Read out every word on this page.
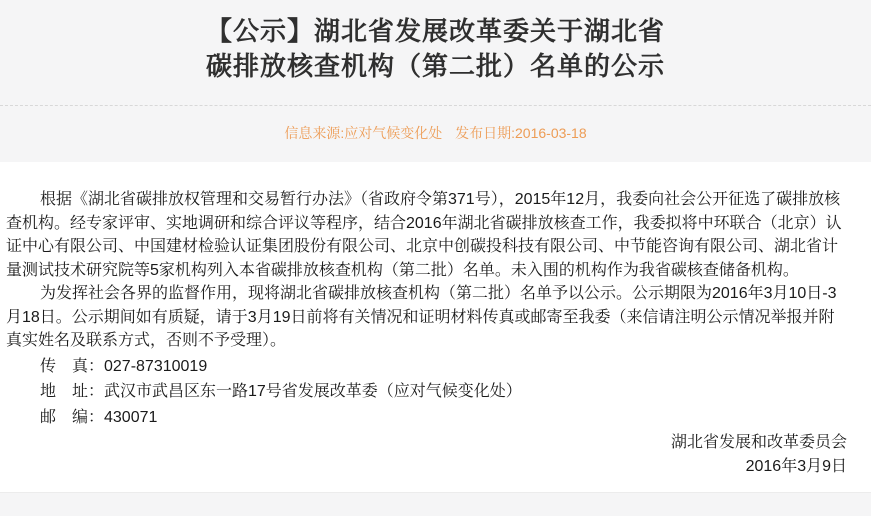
【公示】湖北省发展改革委关于湖北省
碳排放核查机构（第二批）名单的公示
信息来源:应对气候变化处 发布日期:2016-03-18

根据《湖北省碳排放权管理和交易暂行办法》（省政府令第371号），2015年12月，我委向社会公开征选了碳排放核查机构。经专家评审、实地调研和综合评议等程序，结合2016年湖北省碳排放核查工作，我委拟将中环联合（北京）认证中心有限公司、中国建材检验认证集团股份有限公司、北京中创碳投科技有限公司、中节能咨询有限公司、湖北省计量测试技术研究院等5家机构列入本省碳排放核查机构（第二批）名单。未入围的机构作为我省碳核查储备机构。

为发挥社会各界的监督作用，现将湖北省碳排放核查机构（第二批）名单予以公示。公示期限为2016年3月10日-3月18日。公示期间如有质疑，请于3月19日前将有关情况和证明材料传真或邮寄至我委（来信请注明公示情况举报并附真实姓名及联系方式，否则不予受理）。

传　真：027-87310019

地　址：武汉市武昌区东一路17号省发展改革委（应对气候变化处）

邮　编：430071

湖北省发展和改革委员会

2016年3月9日
